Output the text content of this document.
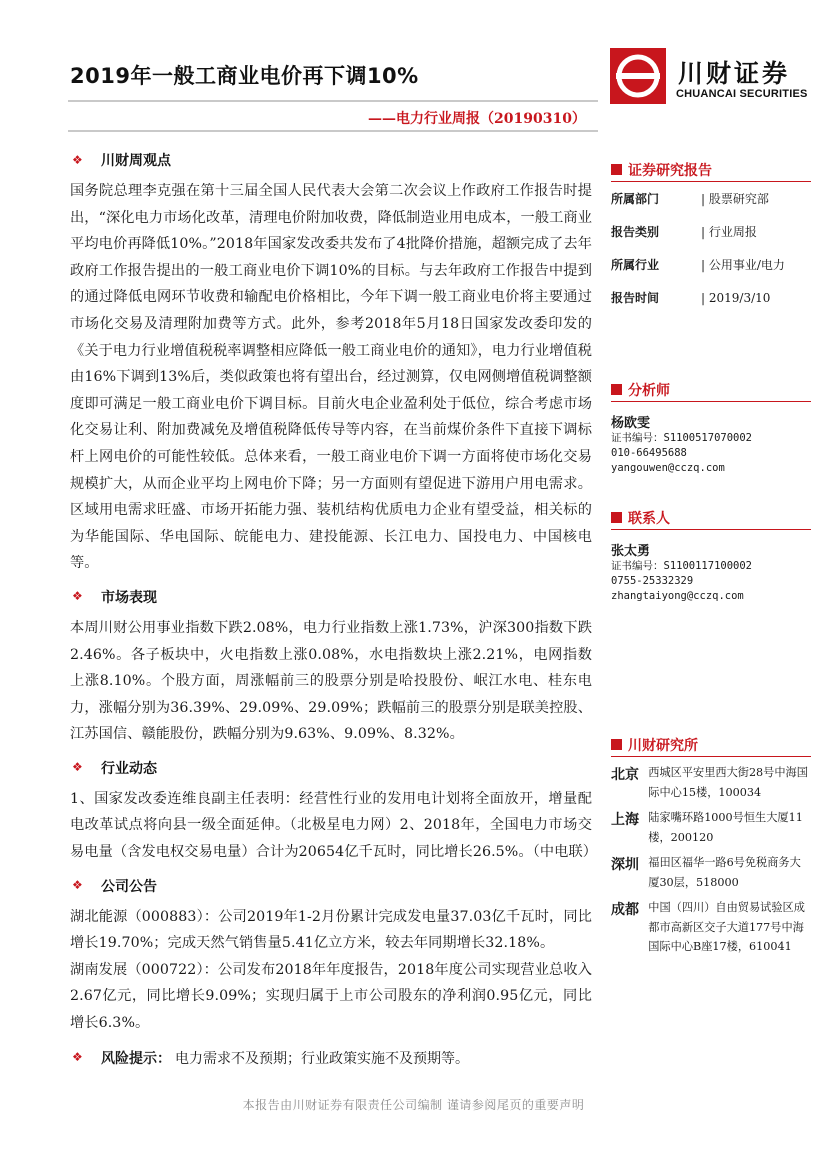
2019年一般工商业电价再下调10%
——电力行业周报（20190310）
川财证券
CHUANCAI SECURITIES
❖ 川财周观点

国务院总理李克强在第十三届全国人民代表大会第二次会议上作政府工作报告时提出，“深化电力市场化改革，清理电价附加收费，降低制造业用电成本，一般工商业平均电价再降低10%。”2018年国家发改委共发布了4批降价措施，超额完成了去年政府工作报告提出的一般工商业电价下调10%的目标。与去年政府工作报告中提到的通过降低电网环节收费和输配电价格相比，今年下调一般工商业电价将主要通过市场化交易及清理附加费等方式。此外，参考2018年5月18日国家发改委印发的《关于电力行业增值税税率调整相应降低一般工商业电价的通知》，电力行业增值税由16%下调到13%后，类似政策也将有望出台，经过测算，仅电网侧增值税调整额度即可满足一般工商业电价下调目标。目前火电企业盈利处于低位，综合考虑市场化交易让利、附加费减免及增值税降低传导等内容，在当前煤价条件下直接下调标杆上网电价的可能性较低。总体来看，一般工商业电价下调一方面将使市场化交易规模扩大，从而企业平均上网电价下降；另一方面则有望促进下游用户用电需求。区域用电需求旺盛、市场开拓能力强、装机结构优质电力企业有望受益，相关标的为华能国际、华电国际、皖能电力、建投能源、长江电力、国投电力、中国核电等。

❖ 市场表现

本周川财公用事业指数下跌2.08%，电力行业指数上涨1.73%，沪深300指数下跌2.46%。各子板块中，火电指数上涨0.08%，水电指数块上涨2.21%，电网指数上涨8.10%。个股方面，周涨幅前三的股票分别是哈投股份、岷江水电、桂东电力，涨幅分别为36.39%、29.09%、29.09%；跌幅前三的股票分别是联美控股、江苏国信、赣能股份，跌幅分别为9.63%、9.09%、8.32%。

❖ 行业动态

1、国家发改委连维良副主任表明：经营性行业的发用电计划将全面放开，增量配电改革试点将向县一级全面延伸。（北极星电力网）2、2018年，全国电力市场交易电量（含发电权交易电量）合计为20654亿千瓦时，同比增长26.5%。（中电联）

❖ 公司公告

湖北能源（000883）：公司2019年1-2月份累计完成发电量37.03亿千瓦时，同比增长19.70%；完成天然气销售量5.41亿立方米，较去年同期增长32.18%。

湖南发展（000722）：公司发布2018年年度报告，2018年度公司实现营业总收入2.67亿元，同比增长9.09%；实现归属于上市公司股东的净利润0.95亿元，同比增长6.3%。

❖ 风险提示： 电力需求不及预期；行业政策实施不及预期等。
证券研究报告
所属部门	| 股票研究部
报告类别	| 行业周报
所属行业	| 公用事业/电力
报告时间	| 2019/3/10
分析师
杨欧雯
证书编号：S1100517070002
010-66495688
yangouwen@cczq.com
联系人
张太勇
证书编号：S1100117100002
0755-25332329
zhangtaiyong@cczq.com
川财研究所
北京 西城区平安里西大街28号中海国际中心15楼，100034
上海 陆家嘴环路1000号恒生大厦11楼，200120
深圳 福田区福华一路6号免税商务大厦30层，518000
成都 中国（四川）自由贸易试验区成都市高新区交子大道177号中海国际中心B座17楼，610041
本报告由川财证券有限责任公司编制 谨请参阅尾页的重要声明
